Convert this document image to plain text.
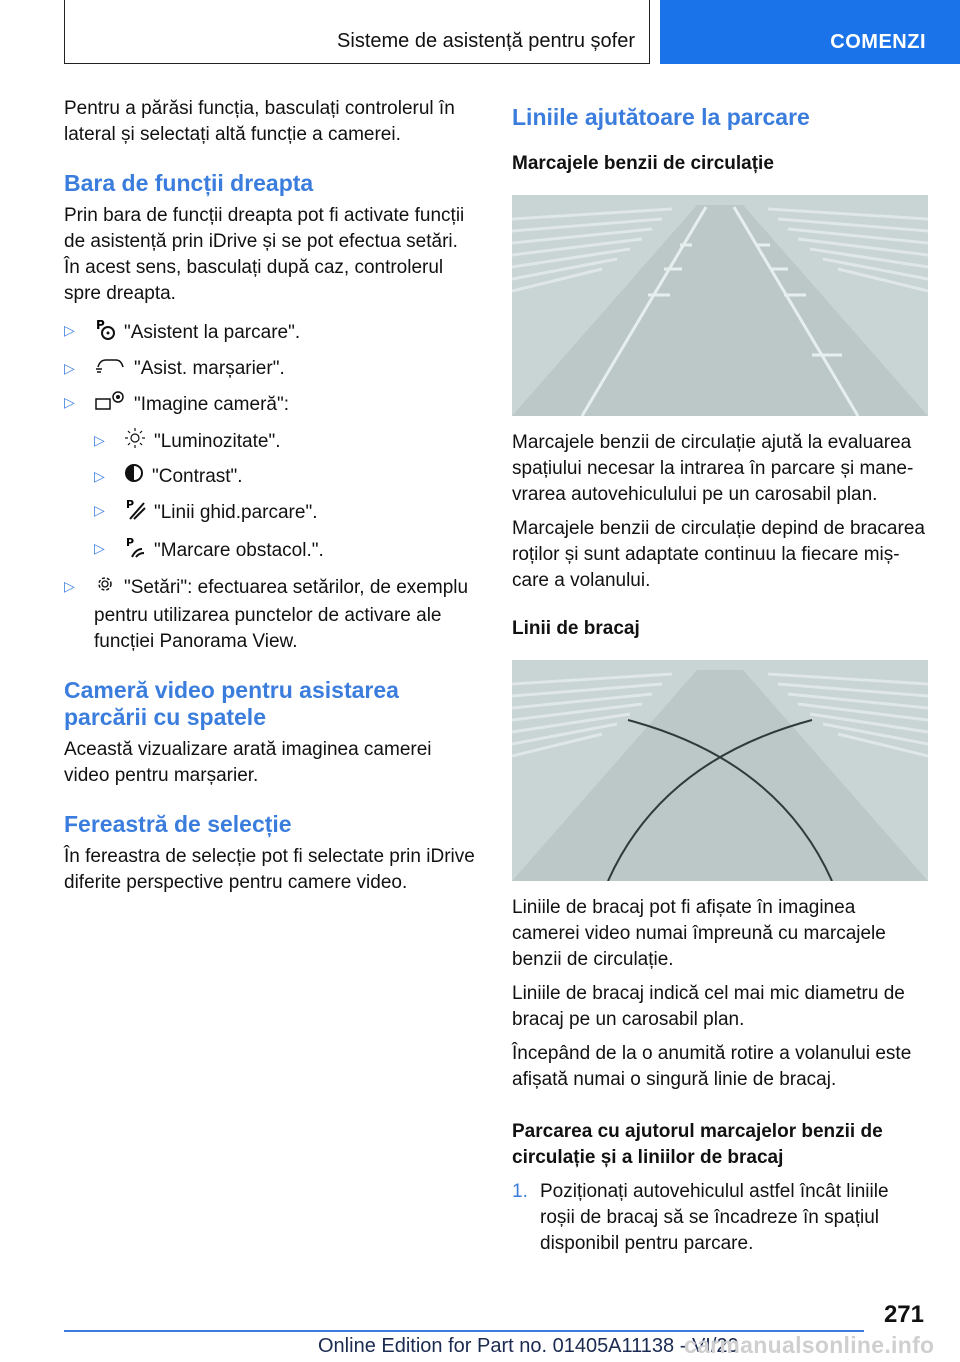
Sisteme de asistență pentru șofer	COMENZI

Pentru a părăsi funcția, basculați controlerul în lateral și selectați altă funcție a camerei.

Bara de funcții dreapta

Prin bara de funcții dreapta pot fi activate funcții de asistență prin iDrive și se pot efectua setări. În acest sens, basculați după caz, controlerul spre dreapta.

▷ P "Asistent la parcare".
▷	"Asist. marșarier".
▷	"Imagine cameră":
▷	"Luminozitate".
▷ "Contrast".
▷ P "Linii ghid.parcare".
▷ P "Marcare obstacol.".
▷	"Setări": efectuarea setărilor, de exemplu pentru utilizarea punctelor de activare ale funcției Panorama View.
Cameră video pentru asistarea parcării cu spatele

Această vizualizare arată imaginea camerei video pentru marșarier.

Fereastră de selecție

În fereastra de selecție pot fi selectate prin iDrive diferite perspective pentru camere video.

Liniile ajutătoare la parcare
Marcajele benzii de circulație

Marcajele benzii de circulație ajută la evaluarea spațiului necesar la intrarea în parcare și manevrarea autovehiculului pe un carosabil plan.

Marcajele benzii de circulație depind de bracarea roților și sunt adaptate continuu la fiecare mișcare a volanului.

Linii de bracaj

Liniile de bracaj pot fi afișate în imaginea camerei video numai împreună cu marcajele benzii de circulație.

Liniile de bracaj indică cel mai mic diametru de bracaj pe un carosabil plan.

Începând de la o anumită rotire a volanului este afișată numai o singură linie de bracaj.

Parcarea cu ajutorul marcajelor benzii de circulație și a liniilor de bracaj
1. Poziționați autovehiculul astfel încât liniile roșii de bracaj să se încadreze în spațiul disponibil pentru parcare.
271
Online Edition for Part no. 01405A11138 - VI/20
carmanualsonline.info
